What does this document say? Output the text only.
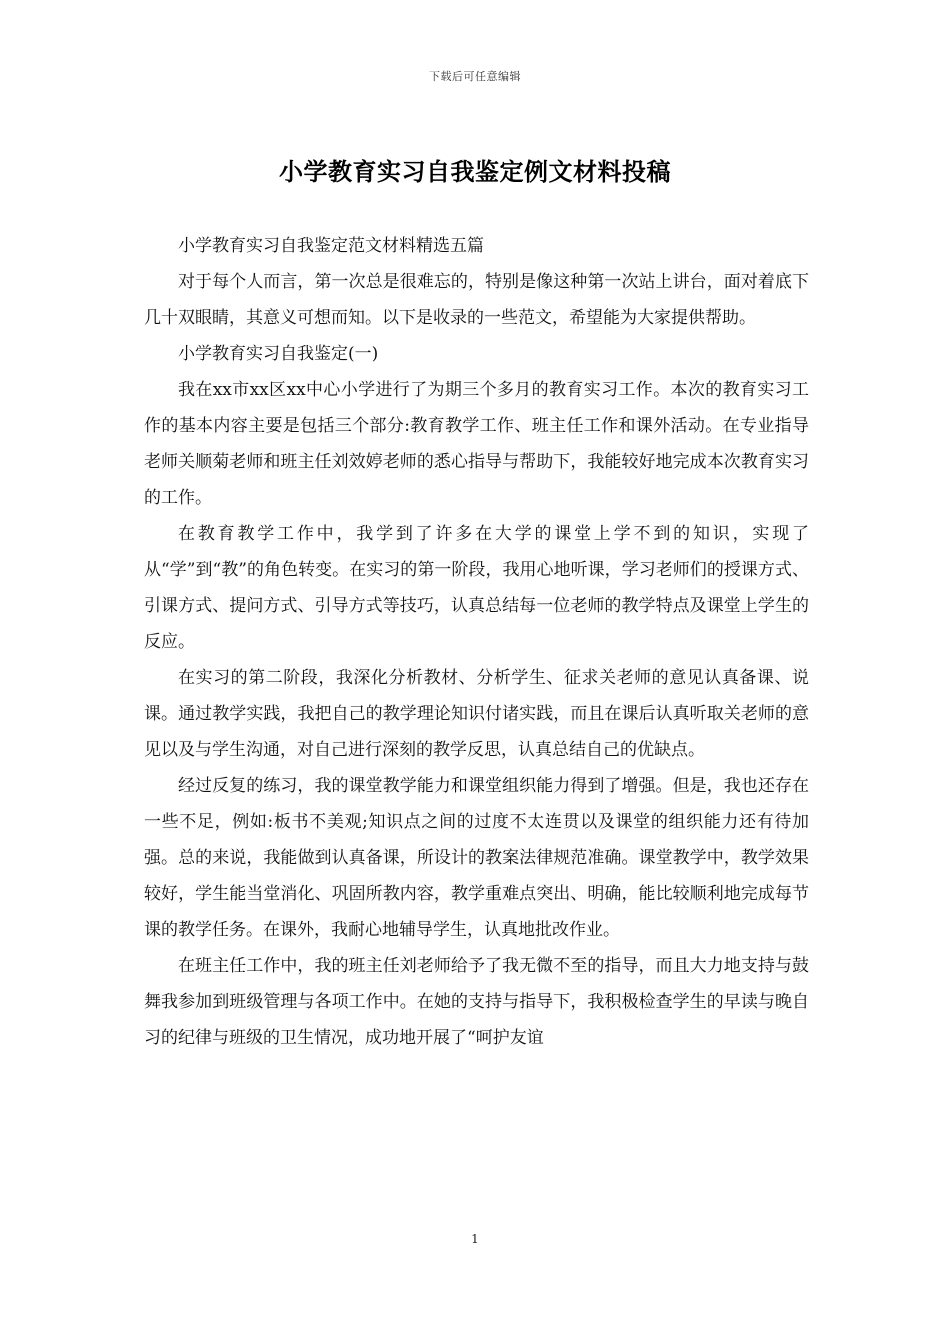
下载后可任意编辑
小学教育实习自我鉴定例文材料投稿

小学教育实习自我鉴定范文材料精选五篇

对于每个人而言，第一次总是很难忘的，特别是像这种第一次站上讲台，面对着底下几十双眼睛，其意义可想而知。以下是收录的一些范文，希望能为大家提供帮助。

小学教育实习自我鉴定(一)

我在xx市xx区xx中心小学进行了为期三个多月的教育实习工作。本次的教育实习工作的基本内容主要是包括三个部分:教育教学工作、班主任工作和课外活动。在专业指导老师关顺菊老师和班主任刘效婷老师的悉心指导与帮助下，我能较好地完成本次教育实习的工作。

在教育教学工作中，我学到了许多在大学的课堂上学不到的知识，实现了从“学”到“教”的角色转变。在实习的第一阶段，我用心地听课，学习老师们的授课方式、引课方式、提问方式、引导方式等技巧，认真总结每一位老师的教学特点及课堂上学生的反应。

在实习的第二阶段，我深化分析教材、分析学生、征求关老师的意见认真备课、说课。通过教学实践，我把自己的教学理论知识付诸实践，而且在课后认真听取关老师的意见以及与学生沟通，对自己进行深刻的教学反思，认真总结自己的优缺点。

经过反复的练习，我的课堂教学能力和课堂组织能力得到了增强。但是，我也还存在一些不足，例如:板书不美观;知识点之间的过度不太连贯以及课堂的组织能力还有待加强。总的来说，我能做到认真备课，所设计的教案法律规范准确。课堂教学中，教学效果较好，学生能当堂消化、巩固所教内容，教学重难点突出、明确，能比较顺利地完成每节课的教学任务。在课外，我耐心地辅导学生，认真地批改作业。

在班主任工作中，我的班主任刘老师给予了我无微不至的指导，而且大力地支持与鼓舞我参加到班级管理与各项工作中。在她的支持与指导下，我积极检查学生的早读与晚自习的纪律与班级的卫生情况，成功地开展了“呵护友谊

1
